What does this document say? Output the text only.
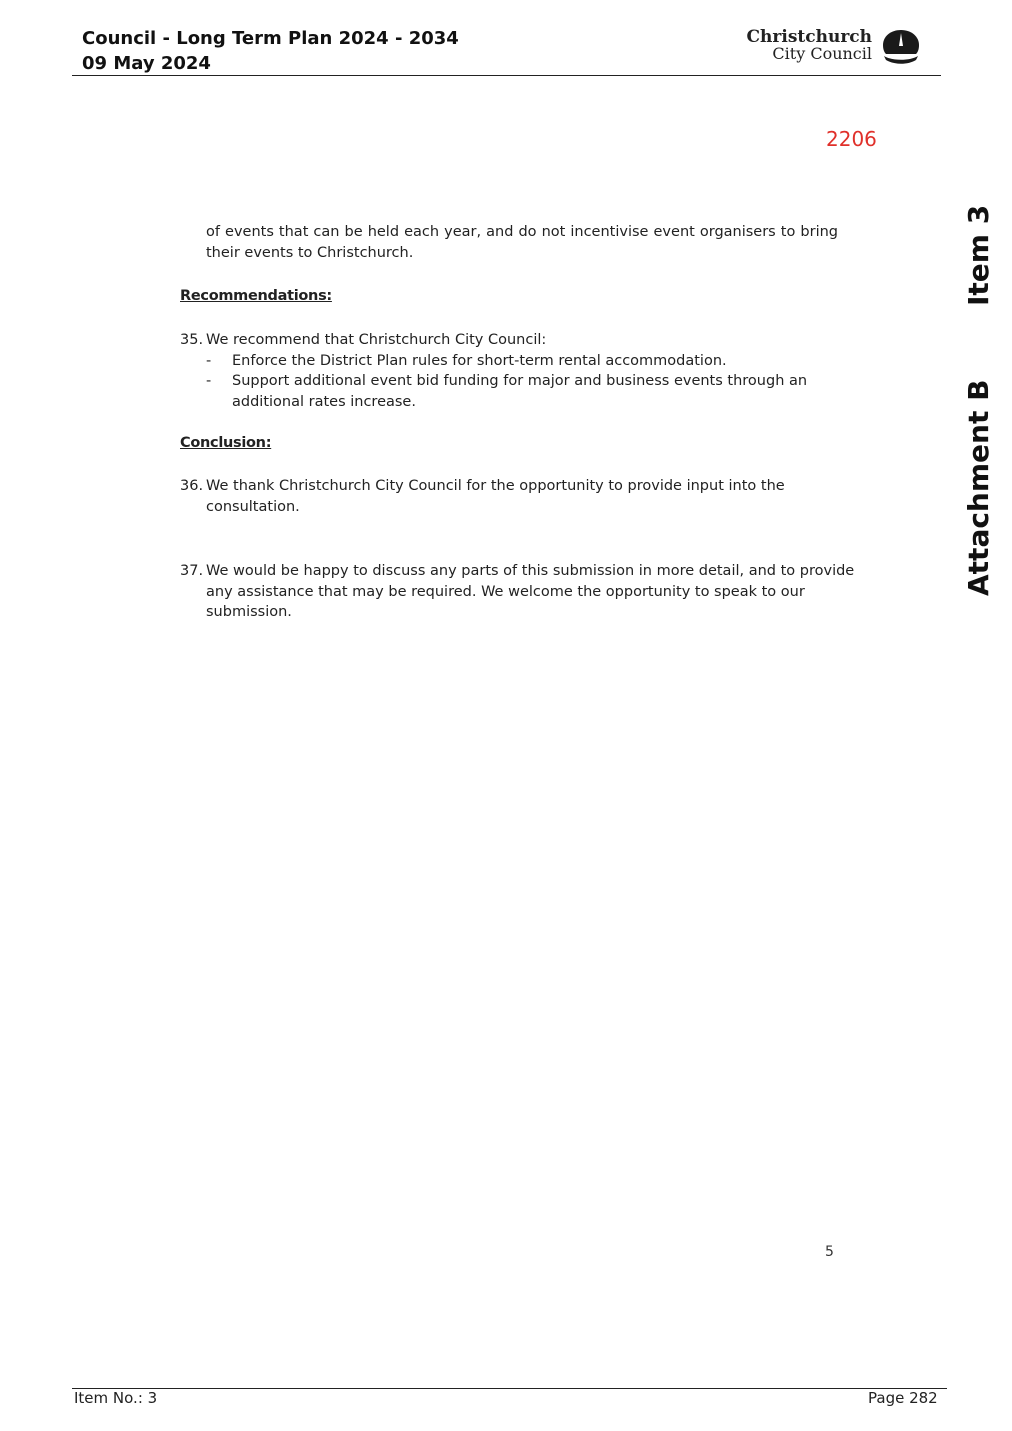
Council - Long Term Plan 2024 - 2034
09 May 2024
Christchurch
City Council
2206
Item 3
Attachment B
of events that can be held each year, and do not incentivise event organisers to bring their events to Christchurch.
Recommendations:
35. We recommend that Christchurch City Council:
- Enforce the District Plan rules for short-term rental accommodation.
- Support additional event bid funding for major and business events through an additional rates increase.
Conclusion:
36. We thank Christchurch City Council for the opportunity to provide input into the consultation.
37. We would be happy to discuss any parts of this submission in more detail, and to provide any assistance that may be required. We welcome the opportunity to speak to our submission.
5
Item No.: 3	Page 282
